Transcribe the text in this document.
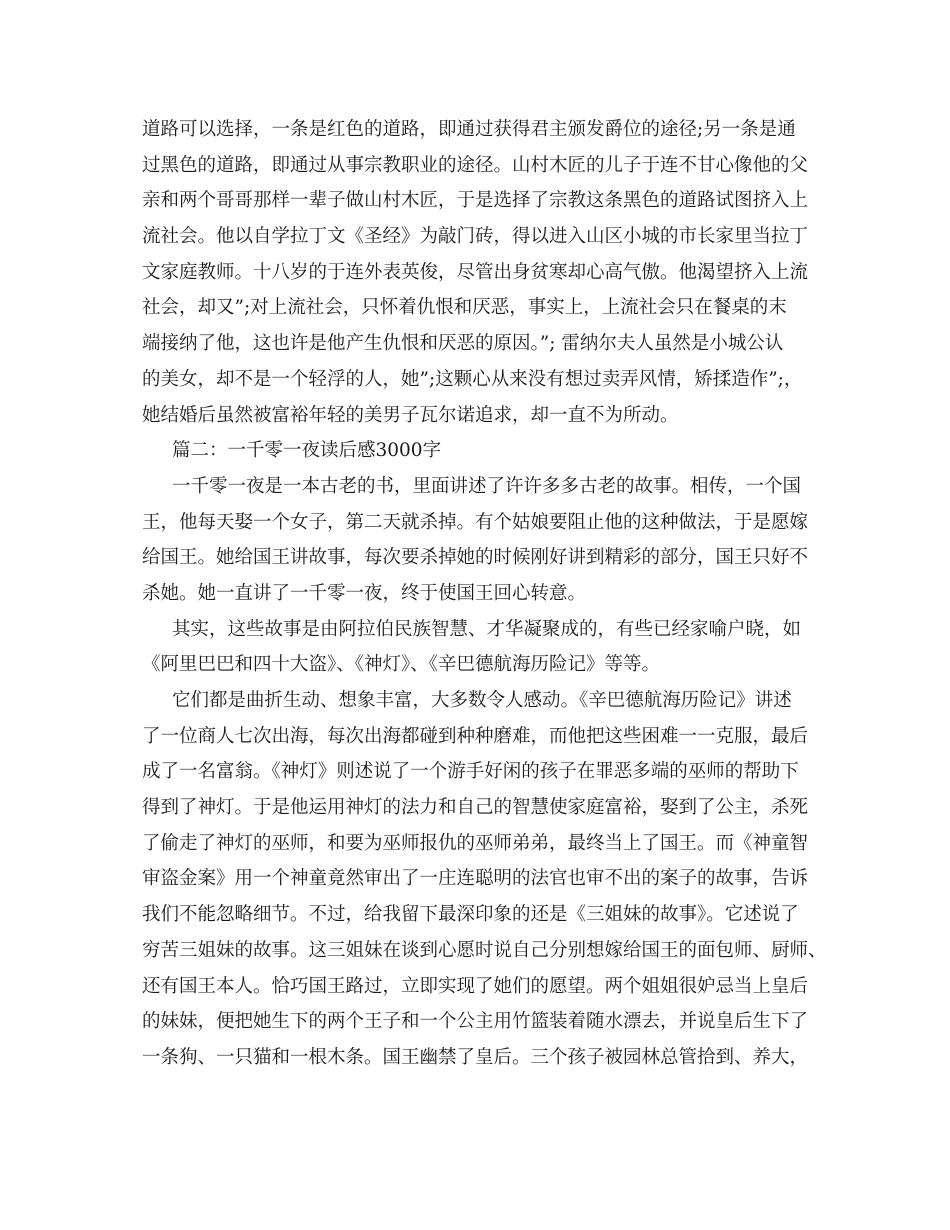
道路可以选择，一条是红色的道路，即通过获得君主颁发爵位的途径;另一条是通
过黑色的道路，即通过从事宗教职业的途径。山村木匠的儿子于连不甘心像他的父
亲和两个哥哥那样一辈子做山村木匠，于是选择了宗教这条黑色的道路试图挤入上
流社会。他以自学拉丁文《圣经》为敲门砖，得以进入山区小城的市长家里当拉丁
文家庭教师。十八岁的于连外表英俊，尽管出身贫寒却心高气傲。他渴望挤入上流
社会，却又”;对上流社会，只怀着仇恨和厌恶，事实上，上流社会只在餐桌的末
端接纳了他，这也许是他产生仇恨和厌恶的原因。”; 雷纳尔夫人虽然是小城公认
的美女，却不是一个轻浮的人，她”;这颗心从来没有想过卖弄风情，矫揉造作”;，
她结婚后虽然被富裕年轻的美男子瓦尔诺追求，却一直不为所动。
篇二：一千零一夜读后感3000字
一千零一夜是一本古老的书，里面讲述了许许多多古老的故事。相传，一个国
王，他每天娶一个女子，第二天就杀掉。有个姑娘要阻止他的这种做法，于是愿嫁
给国王。她给国王讲故事，每次要杀掉她的时候刚好讲到精彩的部分，国王只好不
杀她。她一直讲了一千零一夜，终于使国王回心转意。
其实，这些故事是由阿拉伯民族智慧、才华凝聚成的，有些已经家喻户晓，如
《阿里巴巴和四十大盗》、《神灯》、《辛巴德航海历险记》等等。
它们都是曲折生动、想象丰富，大多数令人感动。《辛巴德航海历险记》讲述
了一位商人七次出海，每次出海都碰到种种磨难，而他把这些困难一一克服，最后
成了一名富翁。《神灯》则述说了一个游手好闲的孩子在罪恶多端的巫师的帮助下
得到了神灯。于是他运用神灯的法力和自己的智慧使家庭富裕，娶到了公主，杀死
了偷走了神灯的巫师，和要为巫师报仇的巫师弟弟，最终当上了国王。而《神童智
审盗金案》用一个神童竟然审出了一庄连聪明的法官也审不出的案子的故事，告诉
我们不能忽略细节。不过，给我留下最深印象的还是《三姐妹的故事》。它述说了
穷苦三姐妹的故事。这三姐妹在谈到心愿时说自己分别想嫁给国王的面包师、厨师、
还有国王本人。恰巧国王路过，立即实现了她们的愿望。两个姐姐很妒忌当上皇后
的妹妹，便把她生下的两个王子和一个公主用竹篮装着随水漂去，并说皇后生下了
一条狗、一只猫和一根木条。国王幽禁了皇后。三个孩子被园林总管拾到、养大，
